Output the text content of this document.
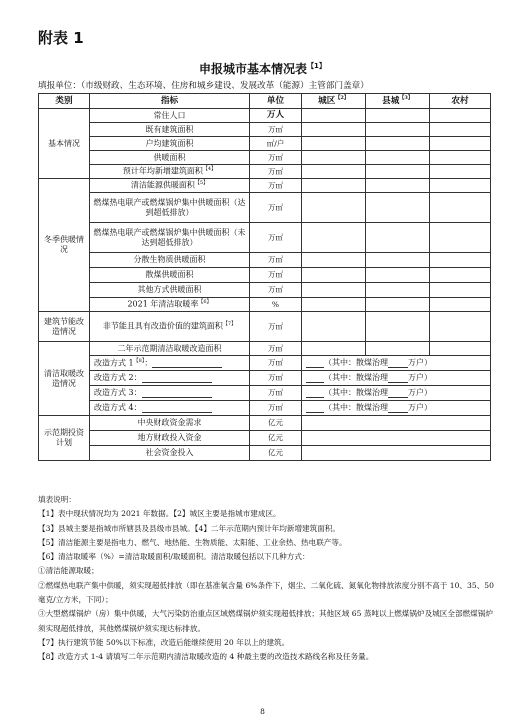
附表 1
申报城市基本情况表$^{【1】}$
填报单位：（市级财政、生态环境、住房和城乡建设、发展改革（能源）主管部门盖章）
类别	指标	单位	城区$^{【2】}$	县城$^{【3】}$	农村
基本情况	常住人口	万人			
	既有建筑面积	万㎡			
	户均建筑面积	㎡/户			
	供暖面积	万㎡			
	预计年均新增建筑面积$^{【4】}$	万㎡			
冬季供暖情况	清洁能源供暖面积$^{【5】}$	万㎡			
	燃煤热电联产或燃煤锅炉集中供暖面积（达到超低排放）	万㎡			
	燃煤热电联产或燃煤锅炉集中供暖面积（未达到超低排放）	万㎡			
	分散生物质供暖面积	万㎡			
	散煤供暖面积	万㎡			
	其他方式供暖面积	万㎡			
	2021 年清洁取暖率$^{【6】}$	%			
建筑节能改造情况	非节能且具有改造价值的建筑面积$^{【7】}$	万㎡			
清洁取暖改造情况	二年示范期清洁取暖改造面积	万㎡			
	改造方式 $1^{【8】}$：	万㎡	（其中：散煤治理 万户）		
	改造方式 2：	万㎡	（其中：散煤治理 万户）		
	改造方式 3：	万㎡	（其中：散煤治理 万户）		
	改造方式 4：	万㎡	（其中：散煤治理 万户）		
示范期投资计划	中央财政资金需求	亿元			
	地方财政投入资金	亿元			
	社会资金投入	亿元			
填表说明：
【1】表中现状情况均为 2021 年数据。【2】城区主要是指城市建成区。
【3】县城主要是指城市所辖县及县级市县城。【4】二年示范期内预计年均新增建筑面积。
【5】清洁能源主要是指电力、燃气、地热能、生物质能、太阳能、工业余热、热电联产等。
【6】清洁取暖率（%）=清洁取暖面积/取暖面积。清洁取暖包括以下几种方式：
①清洁能源取暖；
②燃煤热电联产集中供暖，须实现超低排放（即在基准氧含量 6%条件下，烟尘、二氧化硫、氮氧化物排放浓度分别不高于 10、35、50 毫克/立方米，下同）；
③大型燃煤锅炉（房）集中供暖，大气污染防治重点区域燃煤锅炉须实现超低排放；其他区域 65 蒸吨以上燃煤锅炉及城区全部燃煤锅炉须实现超低排放，其他燃煤锅炉须实现达标排放。
【7】执行建筑节能 50%以下标准，改造后能继续使用 20 年以上的建筑。
【8】改造方式 1-4 请填写二年示范期内清洁取暖改造的 4 种最主要的改造技术路线名称及任务量。
8
